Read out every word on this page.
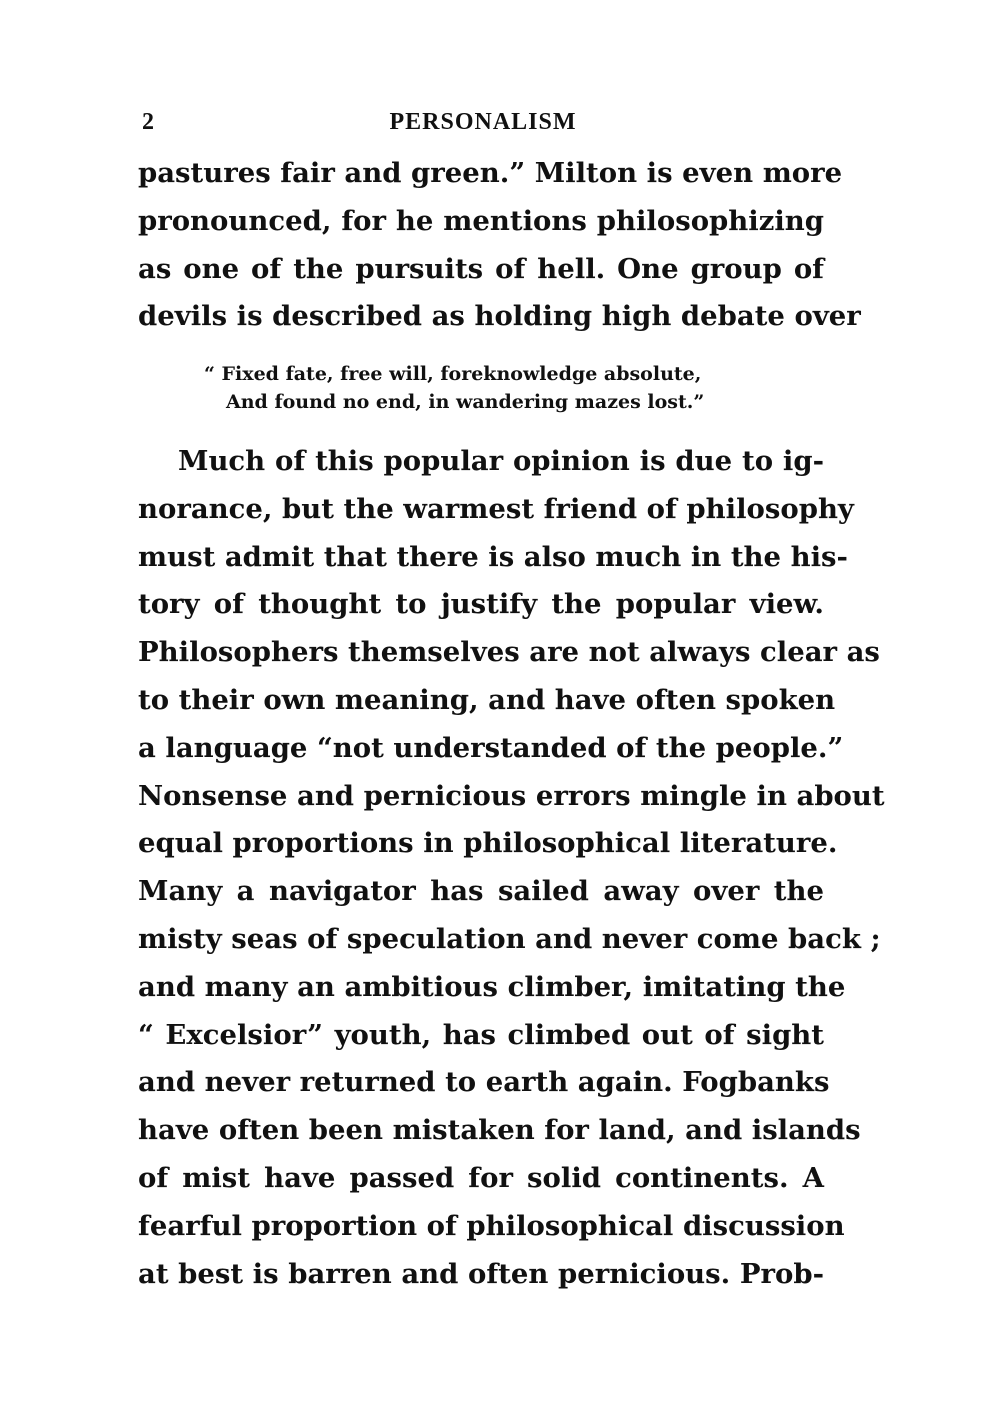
2	PERSONALISM
pastures fair and green.” Milton is even more
pronounced, for he mentions philosophizing
as one of the pursuits of hell. One group of
devils is described as holding high debate over
“ Fixed fate, free will, foreknowledge absolute,
And found no end, in wandering mazes lost.”
Much of this popular opinion is due to ig-
norance, but the warmest friend of philosophy
must admit that there is also much in the his-
tory of thought to justify the popular view.
Philosophers themselves are not always clear as
to their own meaning, and have often spoken
a language “not understanded of the people.”
Nonsense and pernicious errors mingle in about
equal proportions in philosophical literature.
Many a navigator has sailed away over the
misty seas of speculation and never come back ;
and many an ambitious climber, imitating the
“ Excelsior” youth, has climbed out of sight
and never returned to earth again. Fogbanks
have often been mistaken for land, and islands
of mist have passed for solid continents. A
fearful proportion of philosophical discussion
at best is barren and often pernicious. Prob-
